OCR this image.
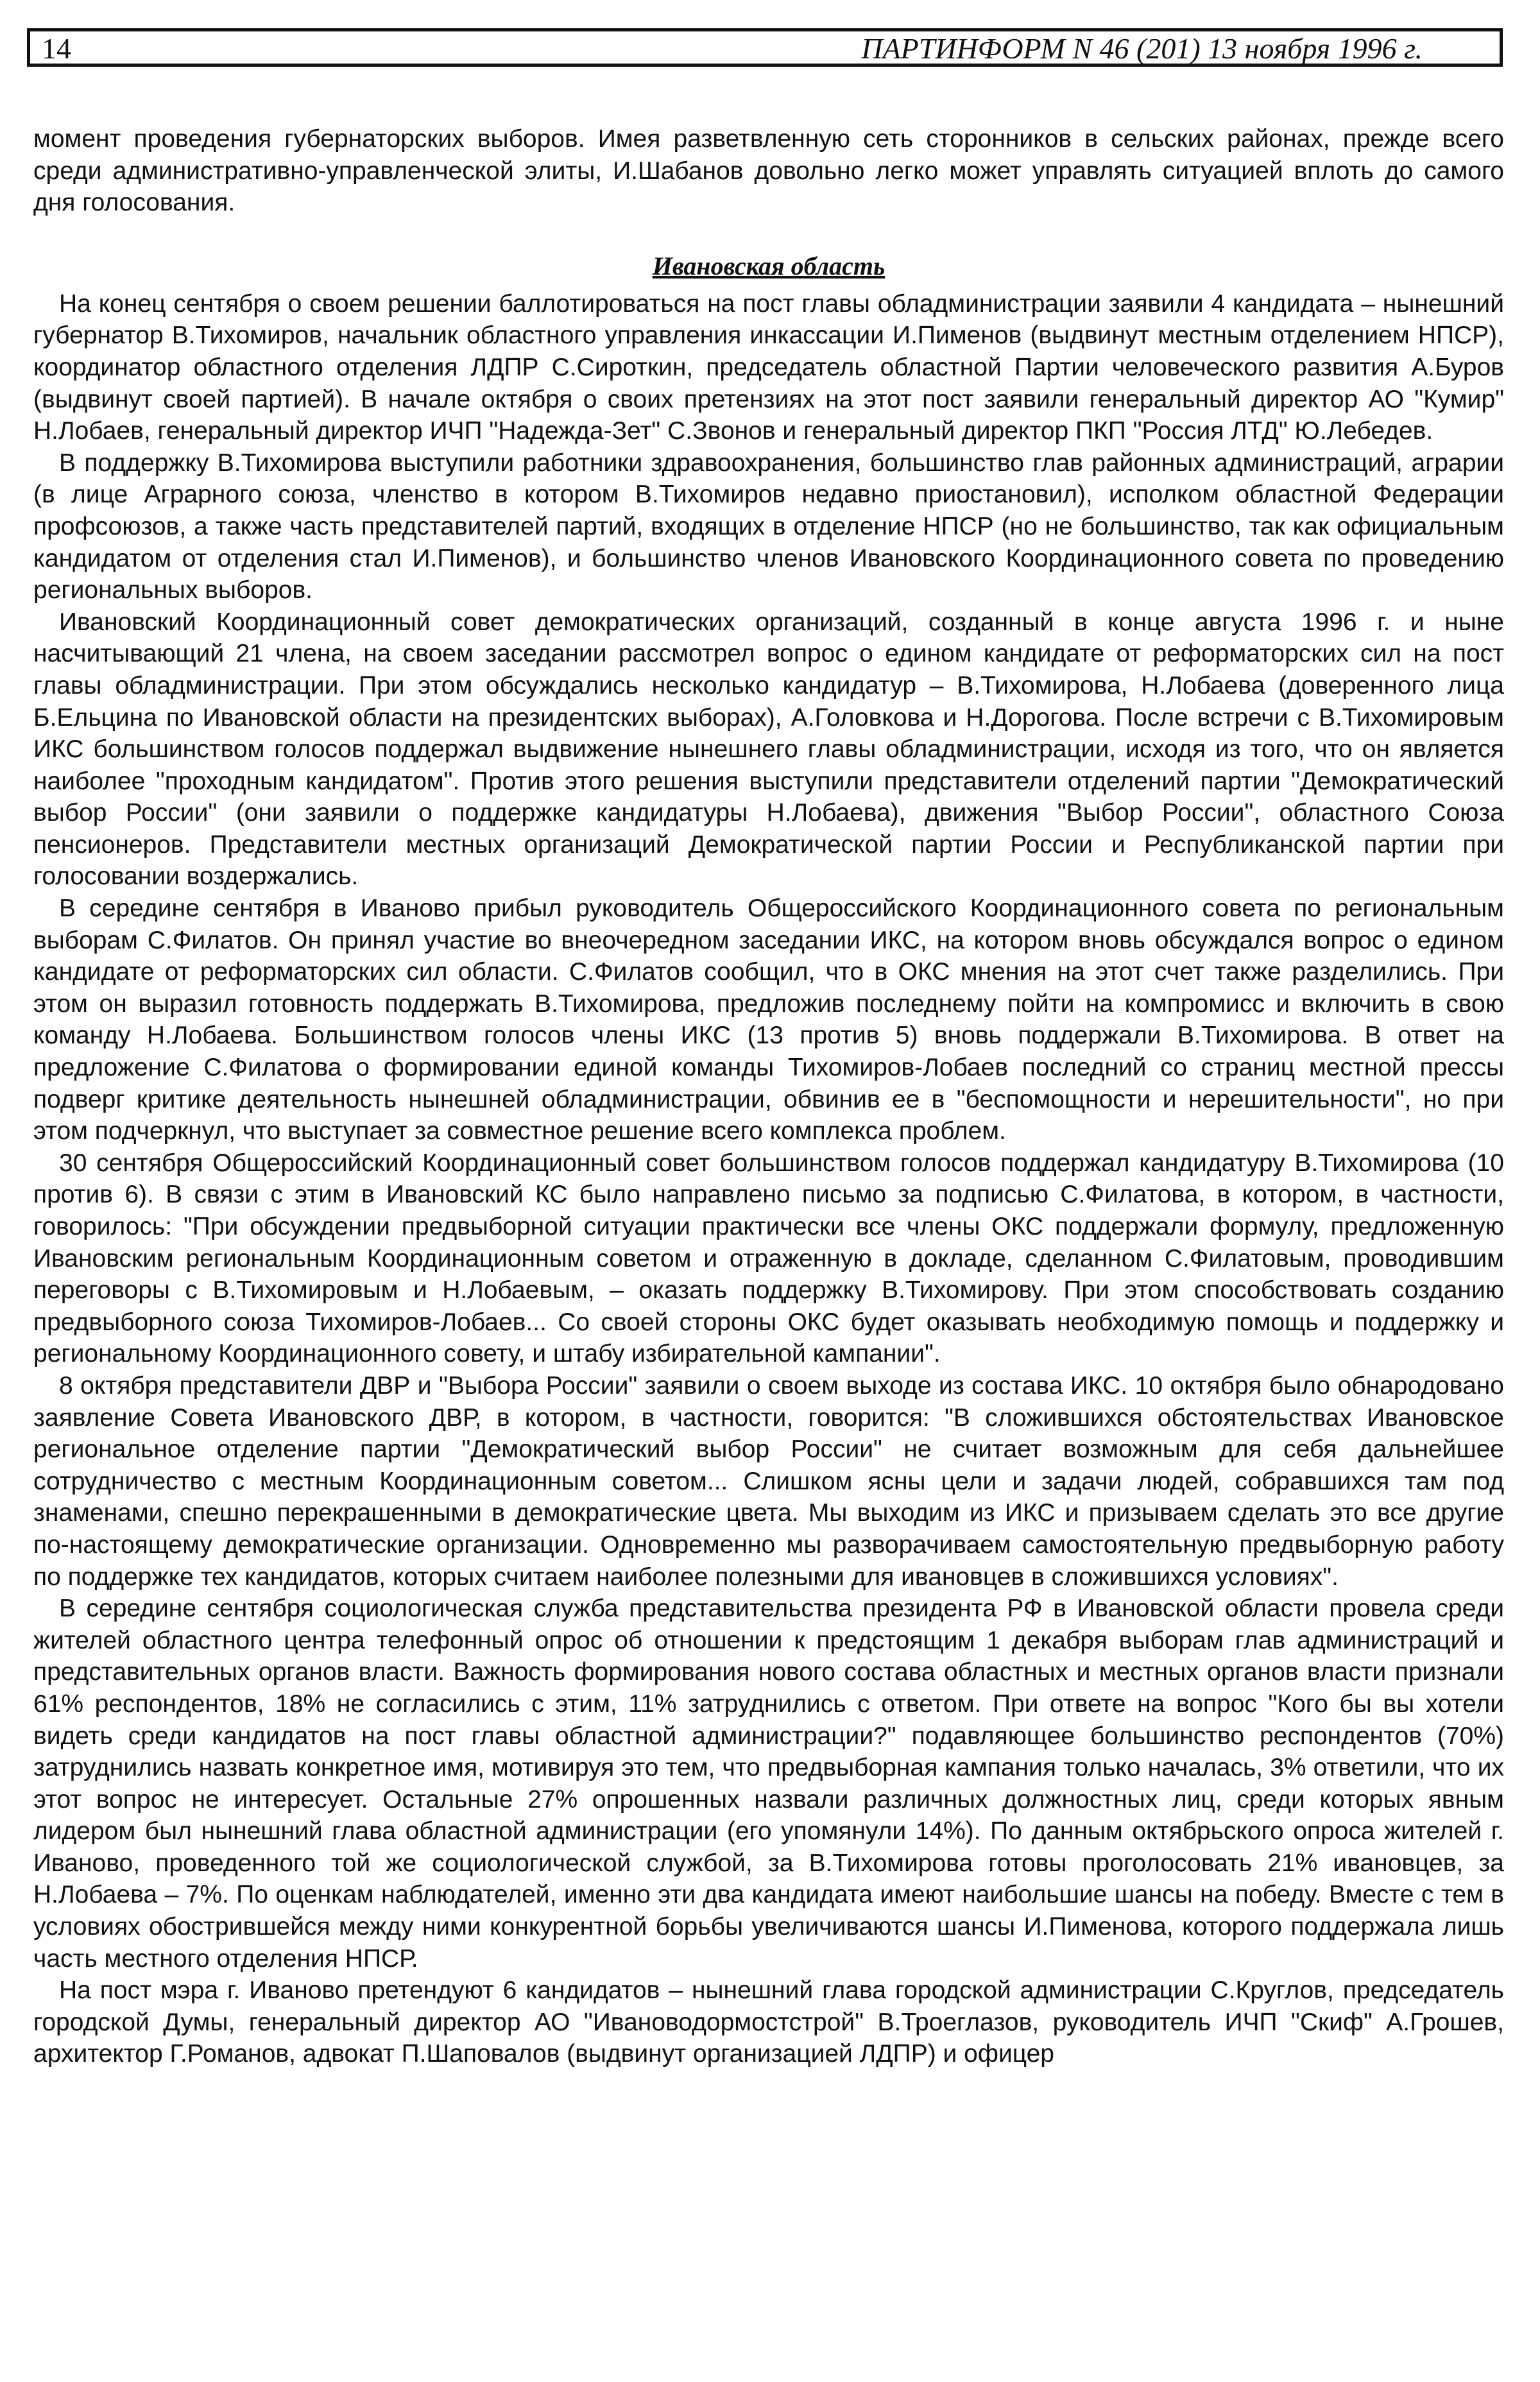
14	ПАРТИНФОРМ N 46 (201) 13 ноября 1996 г.

момент проведения губернаторских выборов. Имея разветвленную сеть сторонников в сельских районах, прежде всего среди административно-управленческой элиты, И.Шабанов довольно легко может управлять ситуацией вплоть до самого дня голосования.

Ивановская область

На конец сентября о своем решении баллотироваться на пост главы обладминистрации заявили 4 кандидата – нынешний губернатор В.Тихомиров, начальник областного управления инкассации И.Пименов (выдвинут местным отделением НПСР), координатор областного отделения ЛДПР С.Сироткин, председатель областной Партии человеческого развития А.Буров (выдвинут своей партией). В начале октября о своих претензиях на этот пост заявили генеральный директор АО "Кумир" Н.Лобаев, генеральный директор ИЧП "Надежда-Зет" С.Звонов и генеральный директор ПКП "Россия ЛТД" Ю.Лебедев.

В поддержку В.Тихомирова выступили работники здравоохранения, большинство глав районных администраций, аграрии (в лице Аграрного союза, членство в котором В.Тихомиров недавно приостановил), исполком областной Федерации профсоюзов, а также часть представителей партий, входящих в отделение НПСР (но не большинство, так как официальным кандидатом от отделения стал И.Пименов), и большинство членов Ивановского Координационного совета по проведению региональных выборов.

Ивановский Координационный совет демократических организаций, созданный в конце августа 1996 г. и ныне насчитывающий 21 члена, на своем заседании рассмотрел вопрос о едином кандидате от реформаторских сил на пост главы обладминистрации. При этом обсуждались несколько кандидатур – В.Тихомирова, Н.Лобаева (доверенного лица Б.Ельцина по Ивановской области на президентских выборах), А.Головкова и Н.Дорогова. После встречи с В.Тихомировым ИКС большинством голосов поддержал выдвижение нынешнего главы обладминистрации, исходя из того, что он является наиболее "проходным кандидатом". Против этого решения выступили представители отделений партии "Демократический выбор России" (они заявили о поддержке кандидатуры Н.Лобаева), движения "Выбор России", областного Союза пенсионеров. Представители местных организаций Демократической партии России и Республиканской партии при голосовании воздержались.

В середине сентября в Иваново прибыл руководитель Общероссийского Координационного совета по региональным выборам С.Филатов. Он принял участие во внеочередном заседании ИКС, на котором вновь обсуждался вопрос о едином кандидате от реформаторских сил области. С.Филатов сообщил, что в ОКС мнения на этот счет также разделились. При этом он выразил готовность поддержать В.Тихомирова, предложив последнему пойти на компромисс и включить в свою команду Н.Лобаева. Большинством голосов члены ИКС (13 против 5) вновь поддержали В.Тихомирова. В ответ на предложение С.Филатова о формировании единой команды Тихомиров-Лобаев последний со страниц местной прессы подверг критике деятельность нынешней обладминистрации, обвинив ее в "беспомощности и нерешительности", но при этом подчеркнул, что выступает за совместное решение всего комплекса проблем.

30 сентября Общероссийский Координационный совет большинством голосов поддержал кандидатуру В.Тихомирова (10 против 6). В связи с этим в Ивановский КС было направлено письмо за подписью С.Филатова, в котором, в частности, говорилось: "При обсуждении предвыборной ситуации практически все члены ОКС поддержали формулу, предложенную Ивановским региональным Координационным советом и отраженную в докладе, сделанном С.Филатовым, проводившим переговоры с В.Тихомировым и Н.Лобаевым, – оказать поддержку В.Тихомирову. При этом способствовать созданию предвыборного союза Тихомиров-Лобаев... Со своей стороны ОКС будет оказывать необходимую помощь и поддержку и региональному Координационного совету, и штабу избирательной кампании".

8 октября представители ДВР и "Выбора России" заявили о своем выходе из состава ИКС. 10 октября было обнародовано заявление Совета Ивановского ДВР, в котором, в частности, говорится: "В сложившихся обстоятельствах Ивановское региональное отделение партии "Демократический выбор России" не считает возможным для себя дальнейшее сотрудничество с местным Координационным советом... Слишком ясны цели и задачи людей, собравшихся там под знаменами, спешно перекрашенными в демократические цвета. Мы выходим из ИКС и призываем сделать это все другие по-настоящему демократические организации. Одновременно мы разворачиваем самостоятельную предвыборную работу по поддержке тех кандидатов, которых считаем наиболее полезными для ивановцев в сложившихся условиях".

В середине сентября социологическая служба представительства президента РФ в Ивановской области провела среди жителей областного центра телефонный опрос об отношении к предстоящим 1 декабря выборам глав администраций и представительных органов власти. Важность формирования нового состава областных и местных органов власти признали 61% респондентов, 18% не согласились с этим, 11% затруднились с ответом. При ответе на вопрос "Кого бы вы хотели видеть среди кандидатов на пост главы областной администрации?" подавляющее большинство респондентов (70%) затруднились назвать конкретное имя, мотивируя это тем, что предвыборная кампания только началась, 3% ответили, что их этот вопрос не интересует. Остальные 27% опрошенных назвали различных должностных лиц, среди которых явным лидером был нынешний глава областной администрации (его упомянули 14%). По данным октябрьского опроса жителей г. Иваново, проведенного той же социологической службой, за В.Тихомирова готовы проголосовать 21% ивановцев, за Н.Лобаева – 7%. По оценкам наблюдателей, именно эти два кандидата имеют наибольшие шансы на победу. Вместе с тем в условиях обострившейся между ними конкурентной борьбы увеличиваются шансы И.Пименова, которого поддержала лишь часть местного отделения НПСР.

На пост мэра г. Иваново претендуют 6 кандидатов – нынешний глава городской администрации С.Круглов, председатель городской Думы, генеральный директор АО "Ивановодормостстрой" В.Троеглазов, руководитель ИЧП "Скиф" А.Грошев, архитектор Г.Романов, адвокат П.Шаповалов (выдвинут организацией ЛДПР) и офицер
